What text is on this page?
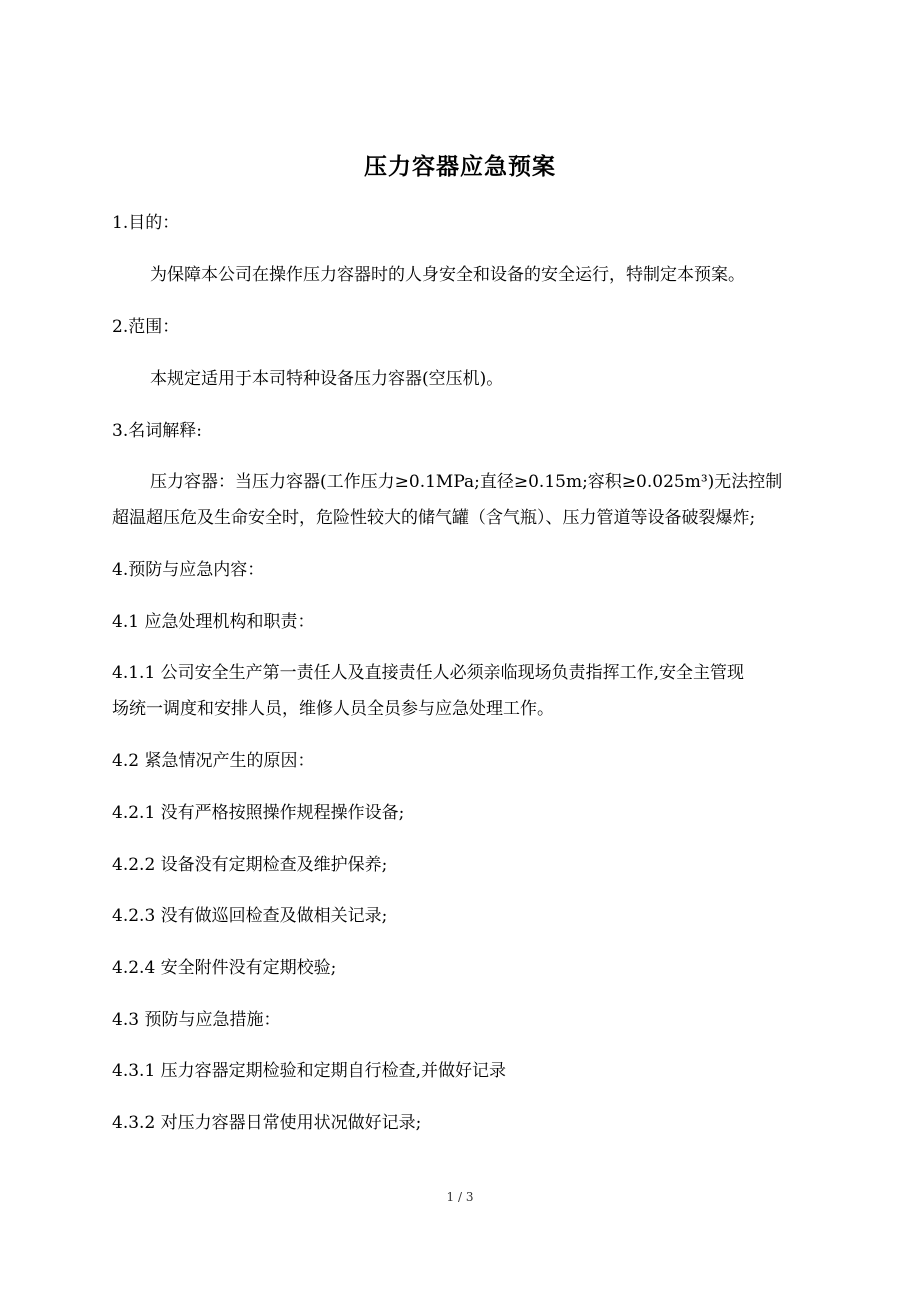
压力容器应急预案
1.目的：
为保障本公司在操作压力容器时的人身安全和设备的安全运行，特制定本预案。
2.范围：
本规定适用于本司特种设备压力容器(空压机)。
3.名词解释:
压力容器：当压力容器(工作压力≥0.1MPa;直径≥0.15m;容积≥0.025m³)无法控制
超温超压危及生命安全时，危险性较大的储气罐（含气瓶）、压力管道等设备破裂爆炸;
4.预防与应急内容：
4.1 应急处理机构和职责：
4.1.1 公司安全生产第一责任人及直接责任人必须亲临现场负责指挥工作,安全主管现
场统一调度和安排人员，维修人员全员参与应急处理工作。
4.2 紧急情况产生的原因：
4.2.1 没有严格按照操作规程操作设备;
4.2.2 设备没有定期检查及维护保养;
4.2.3 没有做巡回检查及做相关记录;
4.2.4 安全附件没有定期校验;
4.3 预防与应急措施：
4.3.1 压力容器定期检验和定期自行检查,并做好记录
4.3.2 对压力容器日常使用状况做好记录;
1 / 3
